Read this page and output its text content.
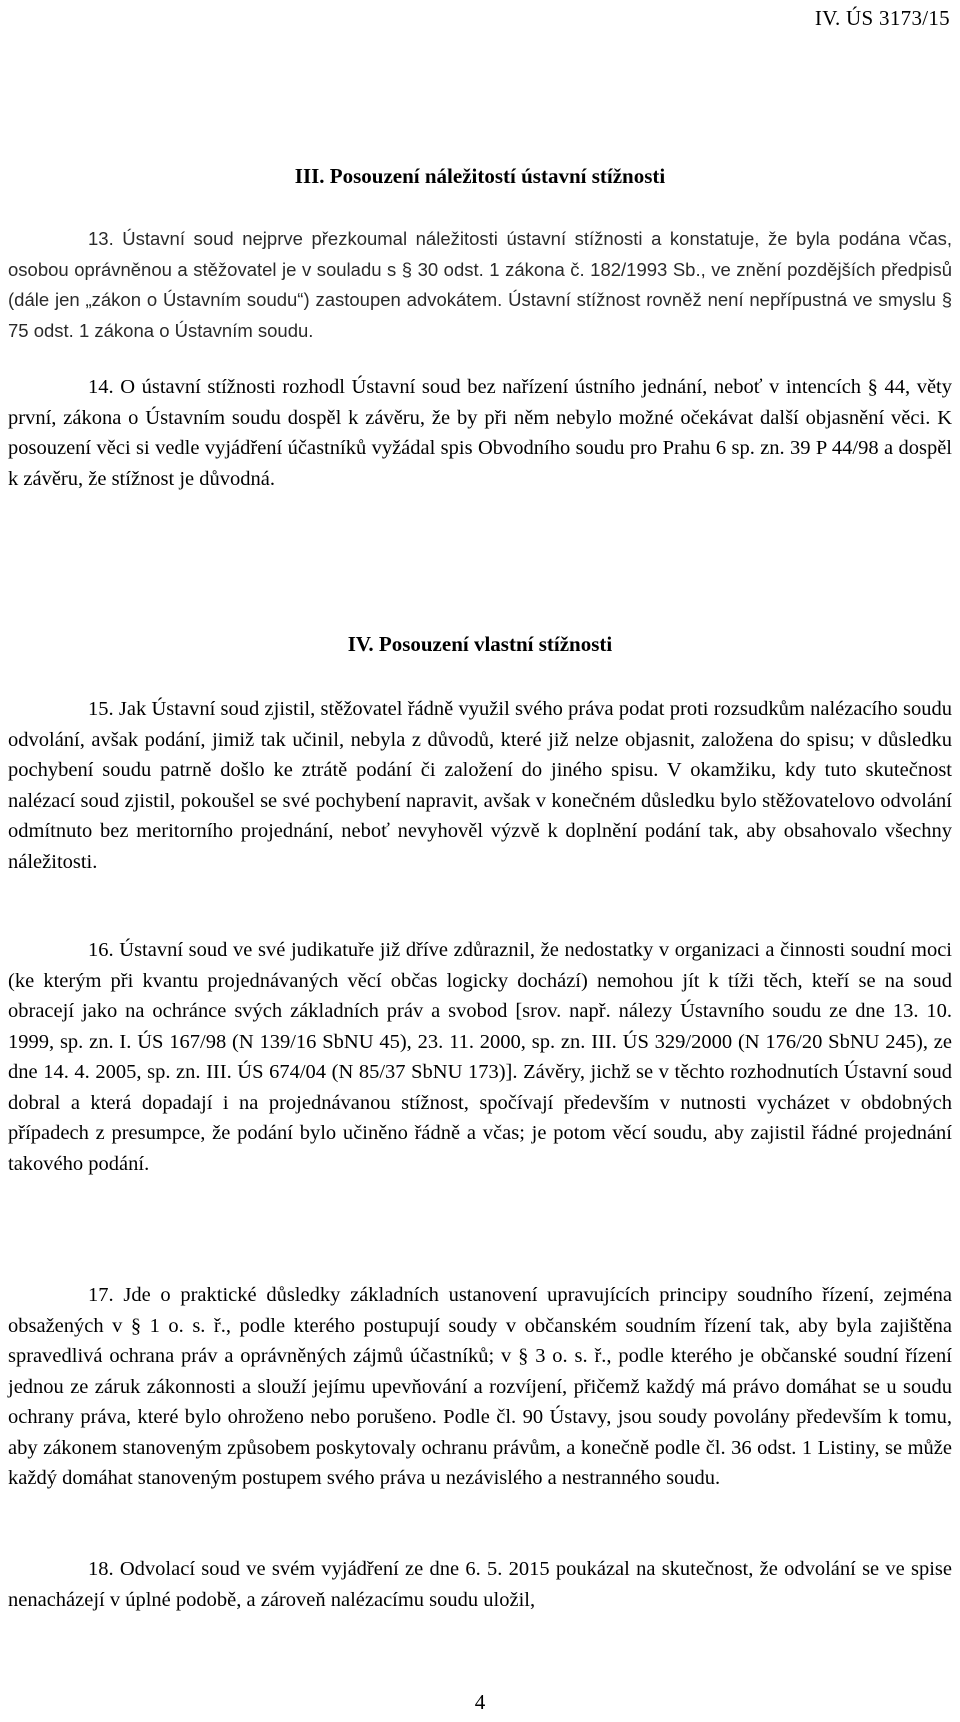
IV. ÚS 3173/15
III. Posouzení náležitostí ústavní stížnosti
13. Ústavní soud nejprve přezkoumal náležitosti ústavní stížnosti a konstatuje, že byla podána včas, osobou oprávněnou a stěžovatel je v souladu s § 30 odst. 1 zákona č. 182/1993 Sb., ve znění pozdějších předpisů (dále jen „zákon o Ústavním soudu“) zastoupen advokátem. Ústavní stížnost rovněž není nepřípustná ve smyslu § 75 odst. 1 zákona o Ústavním soudu.
14. O ústavní stížnosti rozhodl Ústavní soud bez nařízení ústního jednání, neboť v intencích § 44, věty první, zákona o Ústavním soudu dospěl k závěru, že by při něm nebylo možné očekávat další objasnění věci. K posouzení věci si vedle vyjádření účastníků vyžádal spis Obvodního soudu pro Prahu 6 sp. zn. 39 P 44/98 a dospěl k závěru, že stížnost je důvodná.
IV. Posouzení vlastní stížnosti
15. Jak Ústavní soud zjistil, stěžovatel řádně využil svého práva podat proti rozsudkům nalézacího soudu odvolání, avšak podání, jimiž tak učinil, nebyla z důvodů, které již nelze objasnit, založena do spisu; v důsledku pochybení soudu patrně došlo ke ztrátě podání či založení do jiného spisu. V okamžiku, kdy tuto skutečnost nalézací soud zjistil, pokoušel se své pochybení napravit, avšak v konečném důsledku bylo stěžovatelovo odvolání odmítnuto bez meritorního projednání, neboť nevyhověl výzvě k doplnění podání tak, aby obsahovalo všechny náležitosti.
16. Ústavní soud ve své judikatuře již dříve zdůraznil, že nedostatky v organizaci a činnosti soudní moci (ke kterým při kvantu projednávaných věcí občas logicky dochází) nemohou jít k tíži těch, kteří se na soud obracejí jako na ochránce svých základních práv a svobod [srov. např. nálezy Ústavního soudu ze dne 13. 10. 1999, sp. zn. I. ÚS 167/98 (N 139/16 SbNU 45), 23. 11. 2000, sp. zn. III. ÚS 329/2000 (N 176/20 SbNU 245), ze dne 14. 4. 2005, sp. zn. III. ÚS 674/04 (N 85/37 SbNU 173)]. Závěry, jichž se v těchto rozhodnutích Ústavní soud dobral a která dopadají i na projednávanou stížnost, spočívají především v nutnosti vycházet v obdobných případech z presumpce, že podání bylo učiněno řádně a včas; je potom věcí soudu, aby zajistil řádné projednání takového podání.
17. Jde o praktické důsledky základních ustanovení upravujících principy soudního řízení, zejména obsažených v § 1 o. s. ř., podle kterého postupují soudy v občanském soudním řízení tak, aby byla zajištěna spravedlivá ochrana práv a oprávněných zájmů účastníků; v § 3 o. s. ř., podle kterého je občanské soudní řízení jednou ze záruk zákonnosti a slouží jejímu upevňování a rozvíjení, přičemž každý má právo domáhat se u soudu ochrany práva, které bylo ohroženo nebo porušeno. Podle čl. 90 Ústavy, jsou soudy povolány především k tomu, aby zákonem stanoveným způsobem poskytovaly ochranu právům, a konečně podle čl. 36 odst. 1 Listiny, se může každý domáhat stanoveným postupem svého práva u nezávislého a nestranného soudu.
18. Odvolací soud ve svém vyjádření ze dne 6. 5. 2015 poukázal na skutečnost, že odvolání se ve spise nenacházejí v úplné podobě, a zároveň nalézacímu soudu uložil,
4
